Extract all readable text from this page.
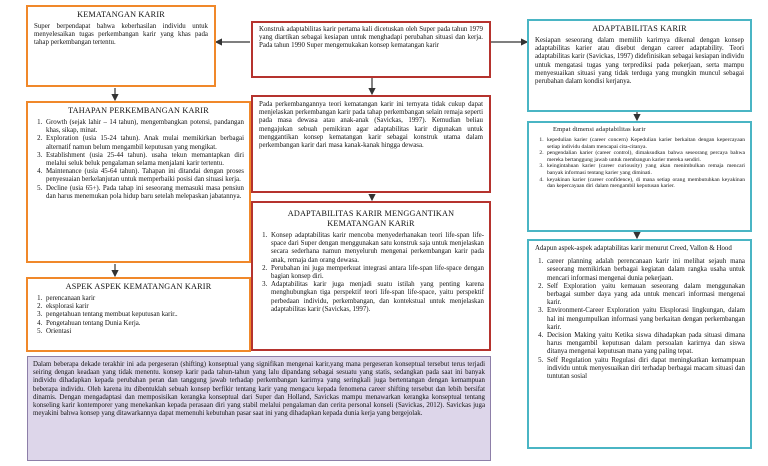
KEMATANGAN KARIR
Super berpendapat bahwa keberhasilan individu untuk menyelesaikan tugas perkembangan karir yang khas pada tahap perkembangan tertentu.
TAHAPAN PERKEMBANGAN KARIR
1. Growth (sejak lahir – 14 tahun), mengembangkan potensi, pandangan khas, sikap, minat.
2. Exploration (usia 15-24 tahun). Anak mulai memikirkan berbagai alternatif namun belum mengambil keputusan yang mengikat.
3. Establishment (usia 25-44 tahun). usaha tekun memantapkan diri melalui seluk beluk pengalaman selama menjalani karir tertentu.
4. Maintenance (usia 45-64 tahun). Tahapan ini ditandai dengan proses penyesuaian berkelanjutan untuk memperbaiki posisi dan situasi kerja.
5. Decline (usia 65+). Pada tahap ini seseorang memasuki masa pensiun dan harus menemukan pola hidup baru setelah melepaskan jabatannya.
ASPEK ASPEK KEMATANGAN KARIR
1. perencanaan karir
2. eksplorasi karir
3. pengetahuan tentang membuat keputusan karir..
4. Pengetahuan tentang Dunia Kerja.
5. Orientasi
Konstruk adaptabilitas karir pertama kali dicetuskan oleh Super pada tahun 1979 yang diartikan sebagai kesiapan untuk menghadapi perubahan situasi dan kerja. Pada tahun 1990 Super mengemukakan konsep kematangan karir
Pada perkembangannya teori kematangan karir ini ternyata tidak cukup dapat menjelaskan perkembangan karir pada tahap perkembangan selain remaja seperti pada masa dewasa atau anak-anak (Savickas, 1997). Kemudian beliau mengajukan sebuah pemikiran agar adaptabilitas karir digunakan untuk menggantikan konsep kematangan karir sebagai konstruk utama dalam perkembangan karir dari masa kanak-kanak hingga dewasa.
ADAPTABILITAS KARIR MENGGANTIKAN KEMATANGAN KARiR
1. Konsep adaptabilitas karir mencoba menyederhanakan teori life-span life-space dari Super dengan menggunakan satu konstruk saja untuk menjelaskan secara sederhana namun menyeluruh mengenai perkembangan karir pada anak, remaja dan orang dewasa.
2. Perubahan ini juga memperkuat integrasi antara life-span life-space dengan bagian konsep diri.
3. Adaptabilitas karir juga menjadi suatu istilah yang penting karena menghubungkan tiga perspektif teori life-span life-space, yaitu perspektif perbedaan individu, perkembangan, dan kontekstual untuk menjelaskan adaptabilitas karir (Savickas, 1997).
Dalam beberapa dekade terakhir ini ada pergeseran (shifting) konseptual yang signifikan mengenai karir,yang mana pergeseran konseptual tersebut terus terjadi seiring dengan keadaan yang tidak menentu. konsep karir pada tahun-tahun yang lalu dipandang sebagai sesuatu yang statis, sedangkan pada saat ini banyak individu dihadapkan kepada perubahan peran dan tanggung jawab terhadap perkembangan karirnya yang seringkali juga bertentangan dengan kemampuan beberapa individu. Oleh karena itu dibentuklah sebuah konsep berfikir tentang karir yang mengacu kepada fenomena career shifting tersebut dan lebih bersifat dinamis. Dengan mengadaptasi dan memposisikan kerangka konseptual dari Super dan Holland, Savickas mampu menawarkan kerangka konseptual tentang konseling karir kontemporer yang menekankan kepada perasaan diri yang stabil melalui pengalaman dan cerita personal konseli (Savickas, 2012). Savickas juga meyakini bahwa konsep yang ditawarkannya dapat memenuhi kebutuhan pasar saat ini yang dihadapkan kepada dunia kerja yang bergejolak.
ADAPTABILITAS KARIR
Kesiapan seseorang dalam memilih karirnya dikenal dengan konsep adaptabilitas karier atau disebut dengan career adaptability. Teori adaptabilitas karir (Savickas, 1997) didefinisikan sebagai kesiapan individu untuk mengatasi tugas yang terprediksi pada pekerjaan, serta mampu menyesuaikan situasi yang tidak terduga yang mungkin muncul sebagai perubahan dalam kondisi kerjanya.
Empat dimensi adaptabilitas karir
1. kepedulian karier (career concern) Kepedulian karier berkaitan dengan kepercayaan setiap individu dalam mencapai cita-citanya.
2. pengendalian karier (career control), dimaksudkan bahwa seseorang percaya bahwa mereka bertanggung jawab untuk membangun karier mereka sendiri.
3. keingintahuan karier (career curiousity) yang akan menimbulkan remaja mencari banyak informasi tentang karier yang diminati.
4. keyakinan karier (career confidence), di mana setiap orang membutuhkan keyakinan dan kepercayaan diri dalam mengambil keputusan karier.
Adapun aspek-aspek adaptabilitas karir menurut Creed, Vallon & Hood
1. career planning adalah perencanaan karir ini melihat sejauh mana seseorang memikirkan berbagai kegiatan dalam rangka usaha untuk mencari informasi mengenai dunia pekerjaan.
2. Self Exploration yaitu kemauan seseorang dalam menggunakan berbagai sumber daya yang ada untuk mencari informasi mengenai karir.
3. Environment-Career Exploration yaitu Eksplorasi lingkungan, dalam hal ini mengumpulkan informasi yang berkaitan dengan perkembangan karir.
4. Decision Making yaitu Ketika siswa dihadapkan pada situasi dimana harus mengambil keputusan dalam persoalan karirnya dan siswa ditanya mengenai keputusan mana yang paling tepat.
5. Self Regulation yaitu Regulasi diri dapat meningkatkan kemampuan individu untuk menyesuaikan diri terhadap berbagai macam situasi dan tuntutan sosial
